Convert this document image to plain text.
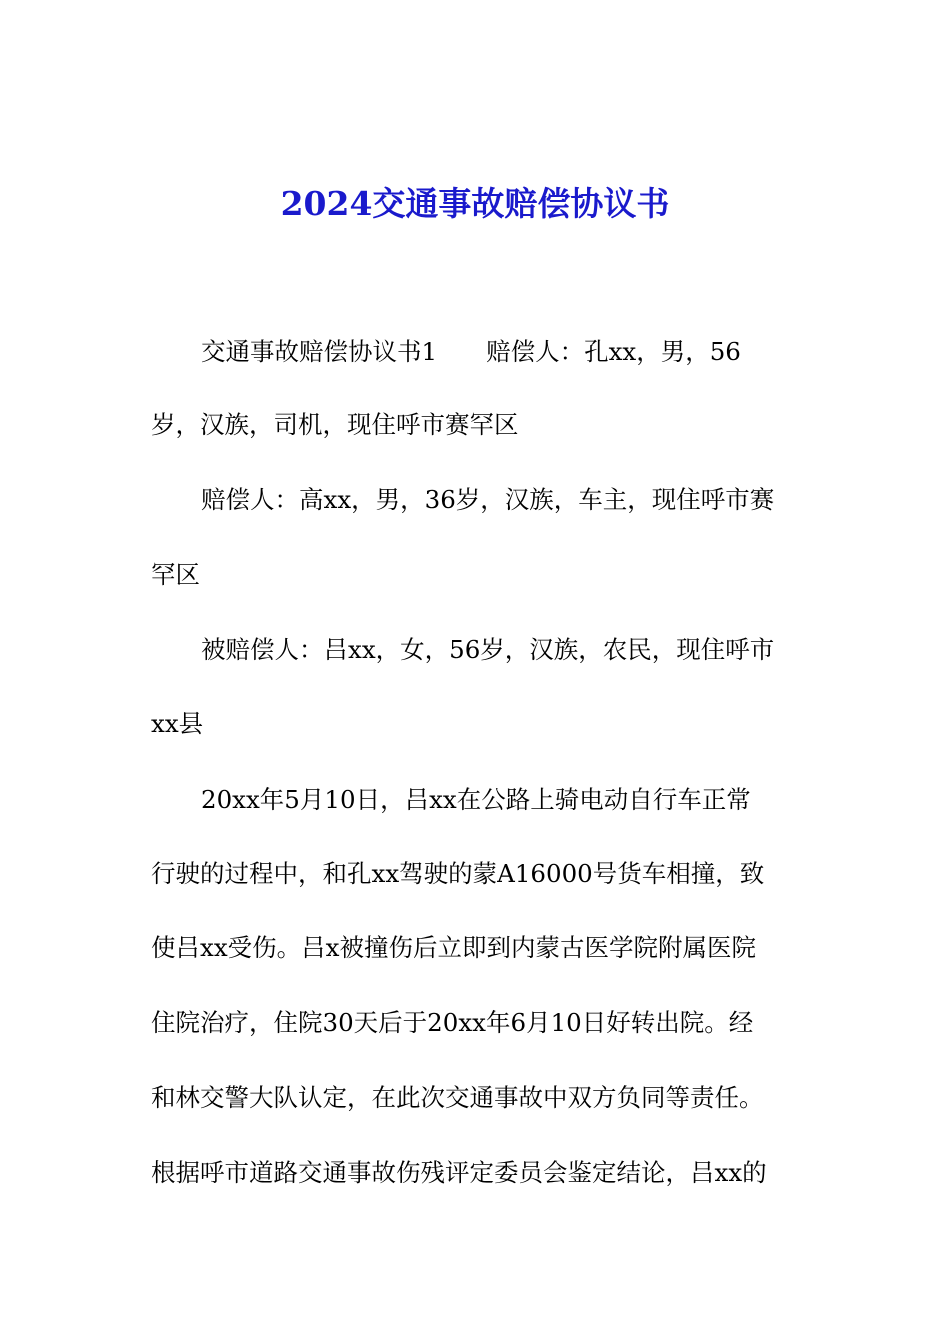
2024交通事故赔偿协议书
交通事故赔偿协议书1　　赔偿人：孔xx，男，56
岁，汉族，司机，现住呼市赛罕区
赔偿人：高xx，男，36岁，汉族，车主，现住呼市赛
罕区
被赔偿人：吕xx，女，56岁，汉族，农民，现住呼市
xx县
20xx年5月10日，吕xx在公路上骑电动自行车正常
行驶的过程中，和孔xx驾驶的蒙A16000号货车相撞，致
使吕xx受伤。吕x被撞伤后立即到内蒙古医学院附属医院
住院治疗，住院30天后于20xx年6月10日好转出院。经
和林交警大队认定，在此次交通事故中双方负同等责任。
根据呼市道路交通事故伤残评定委员会鉴定结论，吕xx的
